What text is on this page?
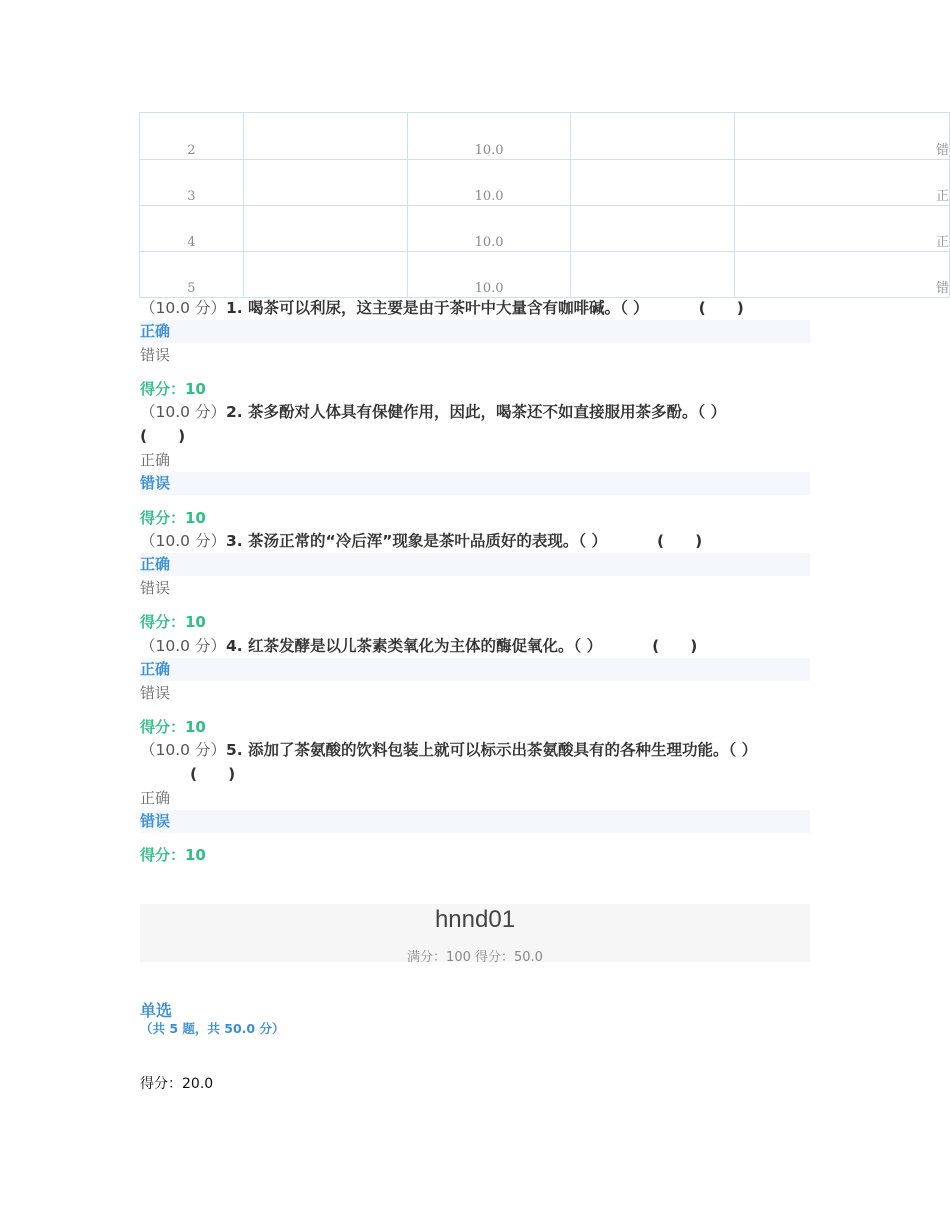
2		10.0		错
3		10.0		正
4		10.0		正
5		10.0		错
（10.0 分）1. 喝茶可以利尿，这主要是由于茶叶中大量含有咖啡碱。（ ）	(　　)
正确
错误
得分：10
（10.0 分）2. 茶多酚对人体具有保健作用，因此，喝茶还不如直接服用茶多酚。（ ）
(　　)
正确
错误
得分：10
（10.0 分）3. 茶汤正常的“冷后浑”现象是茶叶品质好的表现。（ ）	(　　)
正确
错误
得分：10
（10.0 分）4. 红茶发酵是以儿茶素类氧化为主体的酶促氧化。（ ）	(　　)
正确
错误
得分：10
（10.0 分）5. 添加了茶氨酸的饮料包装上就可以标示出茶氨酸具有的各种生理功能。（ ）(　　)
正确
错误
得分：10
hnnd01
满分：100 得分：50.0
单选
（共 5 题，共 50.0 分）
得分：20.0
